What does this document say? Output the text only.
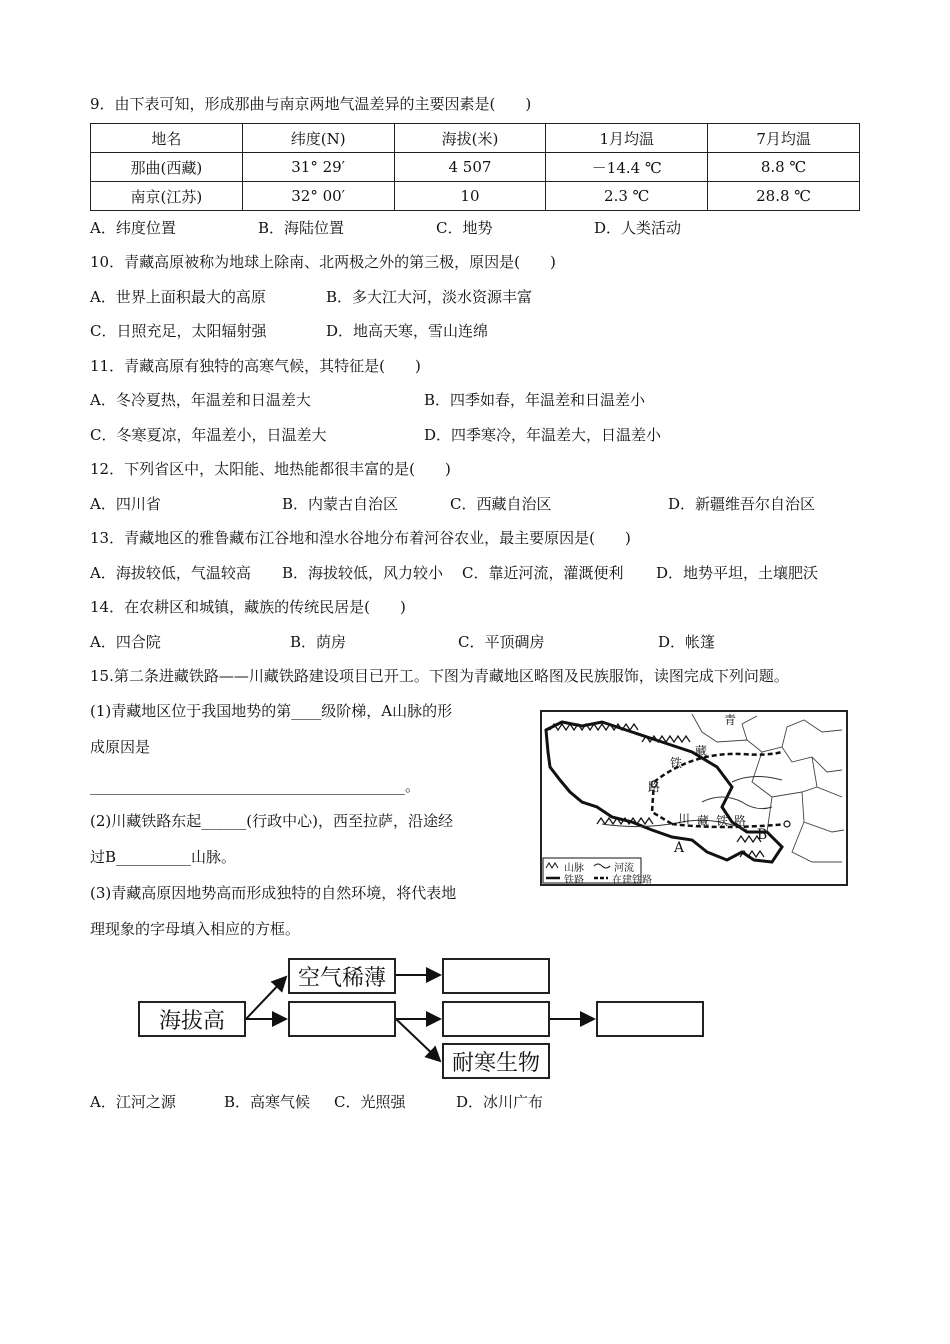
9．由下表可知，形成那曲与南京两地气温差异的主要因素是(　　)
地名	纬度(N)	海拔(米)	1月均温	7月均温
那曲(西藏)	31° 29′	4 507	－14.4 ℃	8.8 ℃
南京(江苏)	32° 00′	10	2.3 ℃	28.8 ℃
A．纬度位置	B．海陆位置	C．地势	D．人类活动
10．青藏高原被称为地球上除南、北两极之外的第三极，原因是(　　)
A．世界上面积最大的高原	B．多大江大河，淡水资源丰富
C．日照充足，太阳辐射强	D．地高天寒，雪山连绵
11．青藏高原有独特的高寒气候，其特征是(　　)
A．冬冷夏热，年温差和日温差大	B．四季如春，年温差和日温差小
C．冬寒夏凉，年温差小，日温差大	D．四季寒冷，年温差大，日温差小
12．下列省区中，太阳能、地热能都很丰富的是(　　)
A．四川省	B．内蒙古自治区	C．西藏自治区	D．新疆维吾尔自治区
13．青藏地区的雅鲁藏布江谷地和湟水谷地分布着河谷农业，最主要原因是(　　)
A．海拔较低，气温较高 B．海拔较低，风力较小 C．靠近河流，灌溉便利 D．地势平坦，土壤肥沃
14．在农耕区和城镇，藏族的传统民居是(　　)
A．四合院	B．荫房	C．平顶碉房	D．帐篷
15.第二条进藏铁路——川藏铁路建设项目已开工。下图为青藏地区略图及民族服饰，读图完成下列问题。
(1)青藏地区位于我国地势的第____级阶梯，A山脉的形
成原因是
__________________________________________。
(2)川藏铁路东起______(行政中心)，西至拉萨，沿途经
过B__________山脉。
(3)青藏高原因地势高而形成独特的自然环境，将代表地
理现象的字母填入相应的方框。
青
藏
铁
路
川 藏 铁 路
A
B
山脉	河流
铁路	在建铁路
海拔高
空气稀薄
耐寒生物
A．江河之源	B．高寒气候 C．光照强	D．冰川广布
